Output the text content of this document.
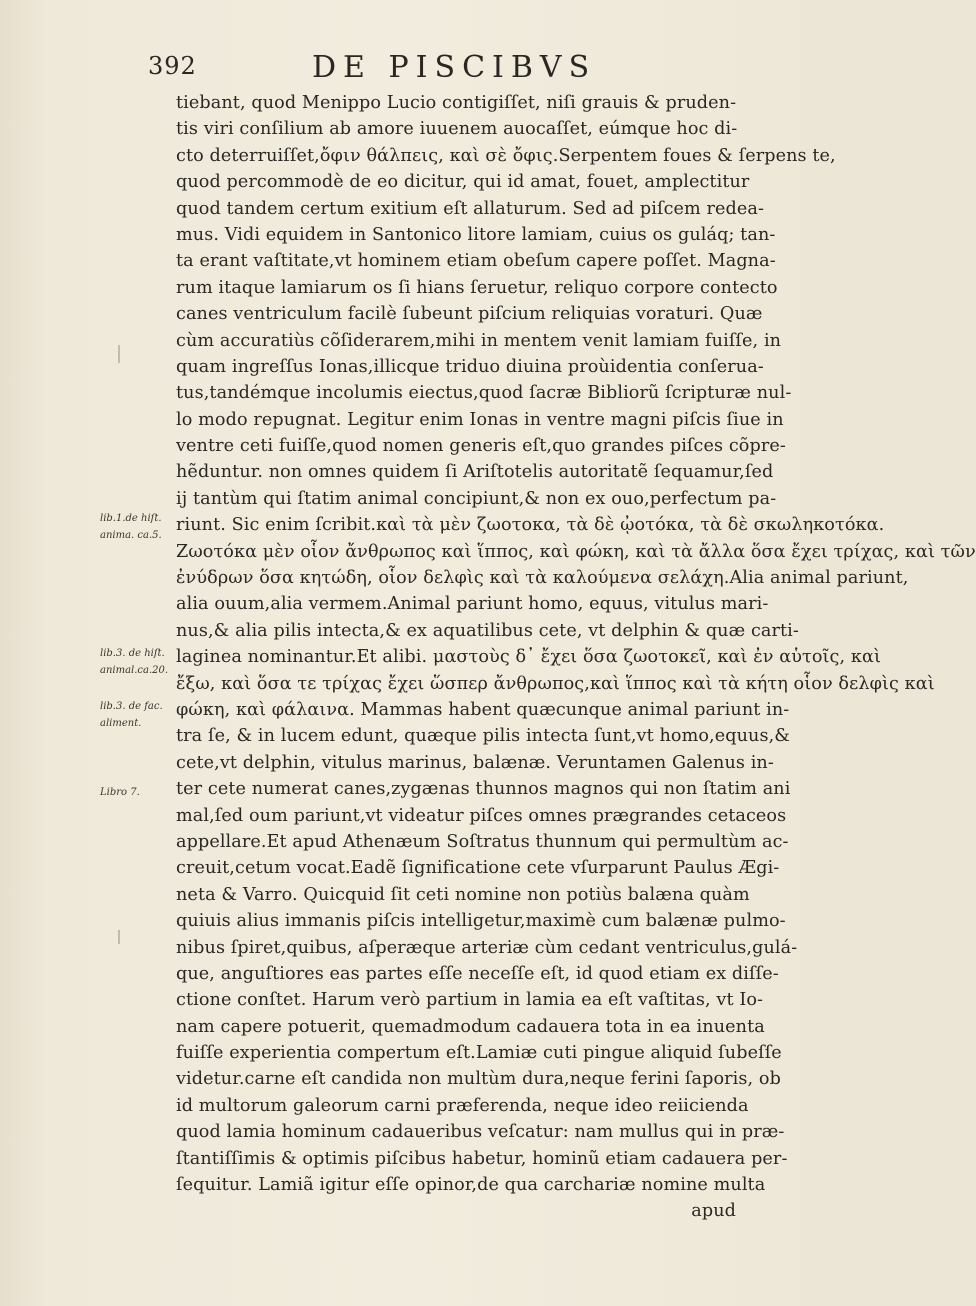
392	DE PISCIBVS
lib.1.de hiſt. anima. ca.5.
lib.3. de hiſt. animal.ca.20.
lib.3. de fac. aliment.
Libro 7.
tiebant, quod Menippo Lucio contigiſſet, niſi grauis & pruden-
tis viri conſilium ab amore iuuenem auocaſſet, eúmque hoc di-
cto deterruiſſet,ὄφιν θάλπεις, καὶ σὲ ὄφις.Serpentem foues & ſerpens te,
quod percommodè de eo dicitur, qui id amat, fouet, amplectitur
quod tandem certum exitium eſt allaturum. Sed ad piſcem redea-
mus. Vidi equidem in Santonico litore lamiam, cuius os guláq; tan-
ta erant vaſtitate,vt hominem etiam obeſum capere poſſet. Magna-
rum itaque lamiarum os ſi hians ſeruetur, reliquo corpore contecto
canes ventriculum facilè ſubeunt piſcium reliquias voraturi. Quæ
cùm accuratiùs cõſiderarem,mihi in mentem venit lamiam fuiſſe, in
quam ingreſſus Ionas,illicque triduo diuina proùidentia conſerua-
tus,tandémque incolumis eiectus,quod ſacræ Bibliorũ ſcripturæ nul-
lo modo repugnat. Legitur enim Ionas in ventre magni piſcis ſiue in
ventre ceti fuiſſe,quod nomen generis eſt,quo grandes piſces cõpre-
hẽduntur. non omnes quidem ſi Ariſtotelis autoritatẽ ſequamur,ſed
ij tantùm qui ſtatim animal concipiunt,& non ex ouo,perfectum pa-
riunt. Sic enim ſcribit.καὶ τὰ μὲν ζωοτοκα, τὰ δὲ ᾠοτόκα, τὰ δὲ σκωληκοτόκα.
Ζωοτόκα μὲν οἷον ἄνθρωπος καὶ ἵππος, καὶ φώκη, καὶ τὰ ἄλλα ὅσα ἔχει τρίχας, καὶ τῶν
ἐνύδρων ὅσα κητώδη, οἷον δελφὶς καὶ τὰ καλούμενα σελάχη.Alia animal pariunt,
alia ouum,alia vermem.Animal pariunt homo, equus, vitulus mari-
nus,& alia pilis intecta,& ex aquatilibus cete, vt delphin & quæ carti-
laginea nominantur.Et alibi. μαστοὺς δ᾽ ἔχει ὅσα ζωοτοκεῖ, καὶ ἐν αὑτοῖς, καὶ
ἔξω, καὶ ὅσα τε τρίχας ἔχει ὥσπερ ἄνθρωπος,καὶ ἵππος καὶ τὰ κήτη οἷον δελφὶς καὶ
φώκη, καὶ φάλαινα. Mammas habent quæcunque animal pariunt in-
tra ſe, & in lucem edunt, quæque pilis intecta ſunt,vt homo,equus,&
cete,vt delphin, vitulus marinus, balænæ. Veruntamen Galenus in-
ter cete numerat canes,zygænas thunnos magnos qui non ſtatim ani
mal,ſed oum pariunt,vt videatur piſces omnes prægrandes cetaceos
appellare.Et apud Athenæum Soſtratus thunnum qui permultùm ac-
creuit,cetum vocat.Eadẽ ſignificatione cete vſurparunt Paulus Ægi-
neta & Varro. Quicquid ſit ceti nomine non potiùs balæna quàm
quiuis alius immanis piſcis intelligetur,maximè cum balænæ pulmo-
nibus ſpiret,quibus, aſperæque arteriæ cùm cedant ventriculus,gulá-
que, anguſtiores eas partes eſſe neceſſe eſt, id quod etiam ex diſſe-
ctione conſtet. Harum verò partium in lamia ea eſt vaſtitas, vt Io-
nam capere potuerit, quemadmodum cadauera tota in ea inuenta
fuiſſe experientia compertum eſt.Lamiæ cuti pingue aliquid ſubeſſe
videtur.carne eſt candida non multùm dura,neque ferini ſaporis, ob
id multorum galeorum carni præferenda, neque ideo reiicienda
quod lamia hominum cadaueribus veſcatur: nam mullus qui in præ-
ſtantiſſimis & optimis piſcibus habetur, hominũ etiam cadauera per-
ſequitur. Lamiã igitur eſſe opinor,de qua carchariæ nomine multa
apud
